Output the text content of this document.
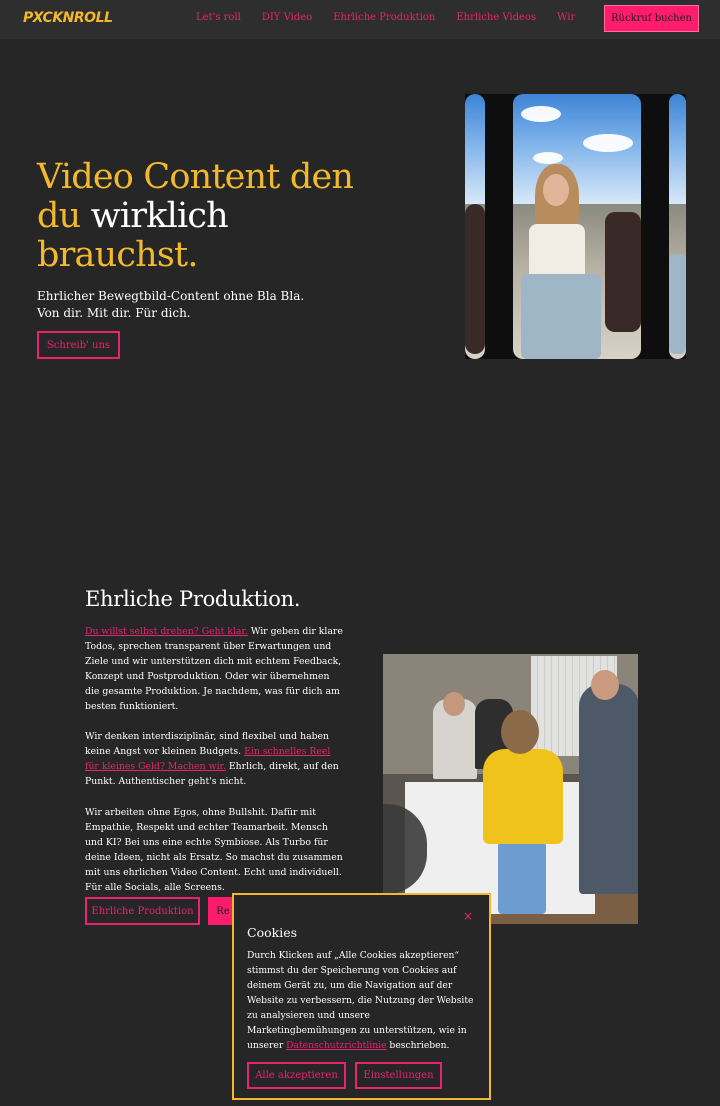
PXCKNROLL	Let's roll DIY Video Ehrliche Produktion Ehrliche Videos Wir	Rückruf buchen
Video Content den
du wirklich
brauchst.
Ehrlicher Bewegtbild-Content ohne Bla Bla.
Von dir. Mit dir. Für dich.
Schreib' uns
Ehrliche Produktion.

Du willst selbst drehen? Geht klar. Wir geben dir klare Todos, sprechen transparent über Erwartungen und Ziele und wir unterstützen dich mit echtem Feedback, Konzept und Postproduktion. Oder wir übernehmen die gesamte Produktion. Je nachdem, was für dich am besten funktioniert.

Wir denken interdisziplinär, sind flexibel und haben keine Angst vor kleinen Budgets. Ein schnelles Reel für kleines Geld? Machen wir. Ehrlich, direkt, auf den Punkt. Authentischer geht's nicht.

Wir arbeiten ohne Egos, ohne Bullshit. Dafür mit Empathie, Respekt und echter Teamarbeit. Mensch und KI? Bei uns eine echte Symbiose. Als Turbo für deine Ideen, nicht als Ersatz. So machst du zusammen mit uns ehrlichen Video Content. Echt und individuell. Für alle Socials, alle Screens.

Ehrliche Produktion	Re	×
Cookies

Durch Klicken auf „Alle Cookies akzeptieren“ stimmst du der Speicherung von Cookies auf deinem Gerät zu, um die Navigation auf der Website zu verbessern, die Nutzung der Website zu analysieren und unsere Marketingbemühungen zu unterstützen, wie in unserer Datenschutzrichtlinie beschrieben.

Alle akzeptieren	Einstellungen
